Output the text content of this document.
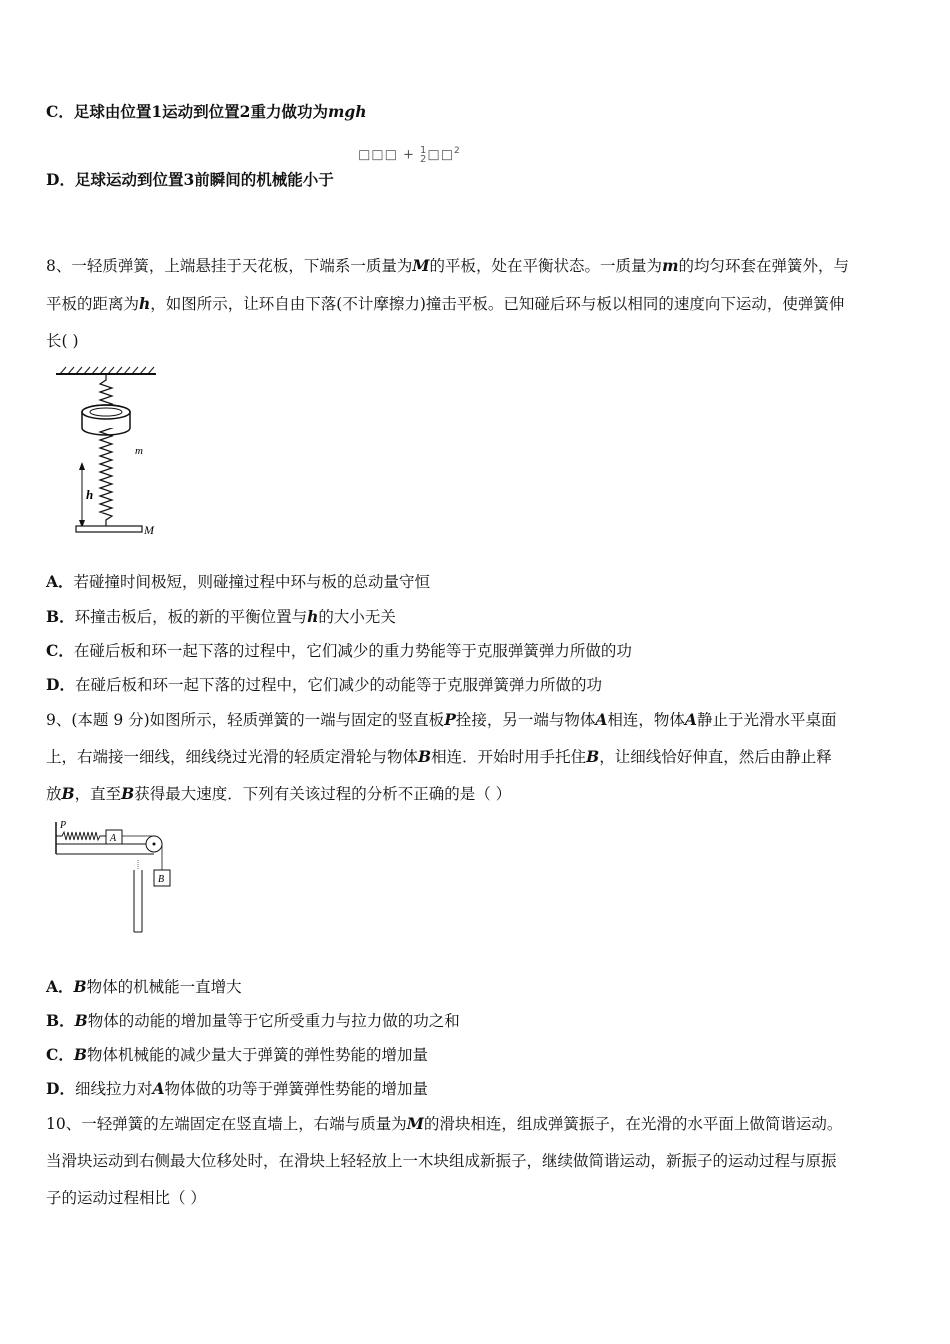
C．足球由位置1运动到位置2重力做功为mgh
□□□ + 1
2□□$^2$
D．足球运动到位置3前瞬间的机械能小于
8、一轻质弹簧，上端悬挂于天花板，下端系一质量为M的平板，处在平衡状态。一质量为m的均匀环套在弹簧外，与
平板的距离为h，如图所示，让环自由下落(不计摩擦力)撞击平板。已知碰后环与板以相同的速度向下运动，使弹簧伸
长( )
m
h
M
A．若碰撞时间极短，则碰撞过程中环与板的总动量守恒
B．环撞击板后，板的新的平衡位置与h的大小无关
C．在碰后板和环一起下落的过程中，它们减少的重力势能等于克服弹簧弹力所做的功
D．在碰后板和环一起下落的过程中，它们减少的动能等于克服弹簧弹力所做的功
9、(本题 9 分)如图所示，轻质弹簧的一端与固定的竖直板P拴接，另一端与物体A相连，物体A静止于光滑水平桌面
上，右端接一细线，细线绕过光滑的轻质定滑轮与物体B相连．开始时用手托住B，让细线恰好伸直，然后由静止释
放B，直至B获得最大速度．下列有关该过程的分析不正确的是（ ）
P
A
B
A．B物体的机械能一直增大
B．B物体的动能的增加量等于它所受重力与拉力做的功之和
C．B物体机械能的减少量大于弹簧的弹性势能的增加量
D．细线拉力对A物体做的功等于弹簧弹性势能的增加量
10、一轻弹簧的左端固定在竖直墙上，右端与质量为M的滑块相连，组成弹簧振子，在光滑的水平面上做简谐运动。
当滑块运动到右侧最大位移处时，在滑块上轻轻放上一木块组成新振子，继续做简谐运动，新振子的运动过程与原振
子的运动过程相比（ ）
